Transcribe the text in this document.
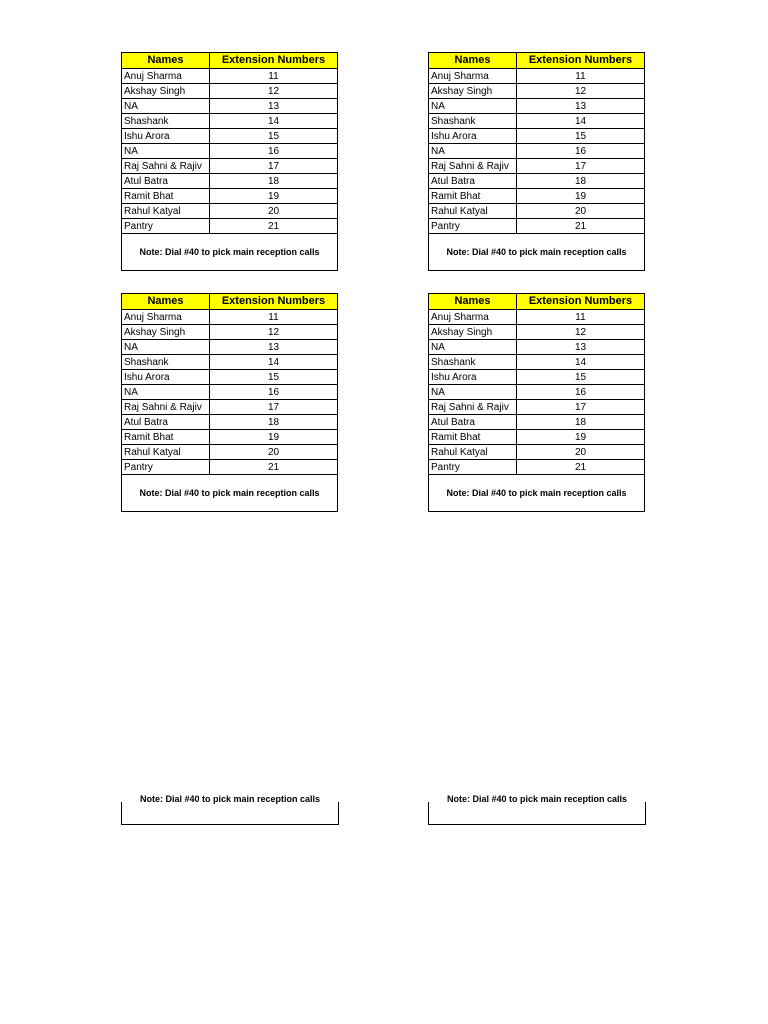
Names	Extension Numbers
Anuj Sharma	11
Akshay Singh	12
NA	13
Shashank	14
Ishu Arora	15
NA	16
Raj Sahni & Rajiv	17
Atul Batra	18
Ramit Bhat	19
Rahul Katyal	20
Pantry	21
Note: Dial #40 to pick main reception calls	
Names	Extension Numbers
Anuj Sharma	11
Akshay Singh	12
NA	13
Shashank	14
Ishu Arora	15
NA	16
Raj Sahni & Rajiv	17
Atul Batra	18
Ramit Bhat	19
Rahul Katyal	20
Pantry	21
Note: Dial #40 to pick main reception calls	
Names	Extension Numbers
Anuj Sharma	11
Akshay Singh	12
NA	13
Shashank	14
Ishu Arora	15
NA	16
Raj Sahni & Rajiv	17
Atul Batra	18
Ramit Bhat	19
Rahul Katyal	20
Pantry	21
Note: Dial #40 to pick main reception calls	
Names	Extension Numbers
Anuj Sharma	11
Akshay Singh	12
NA	13
Shashank	14
Ishu Arora	15
NA	16
Raj Sahni & Rajiv	17
Atul Batra	18
Ramit Bhat	19
Rahul Katyal	20
Pantry	21
Note: Dial #40 to pick main reception calls	
Note: Dial #40 to pick main reception calls	Note: Dial #40 to pick main reception calls
